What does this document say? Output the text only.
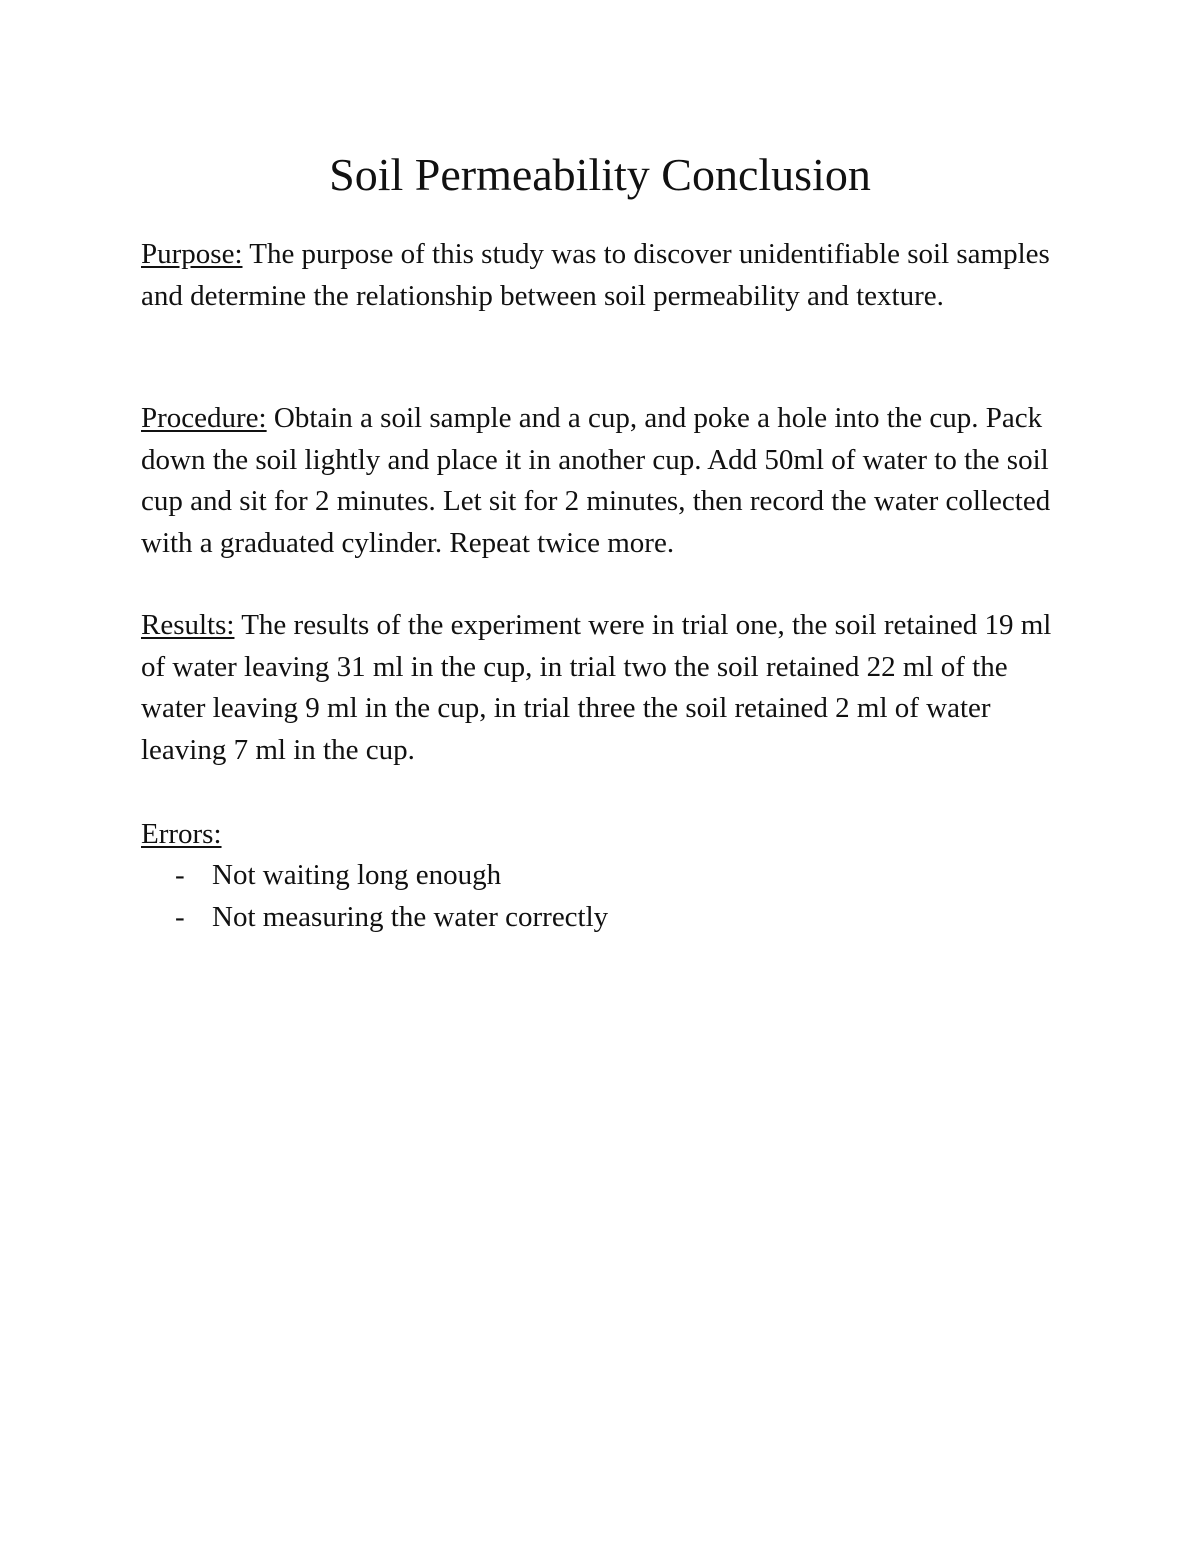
Soil Permeability Conclusion

Purpose: The purpose of this study was to discover unidentifiable soil samples and determine the relationship between soil permeability and texture.

Procedure: Obtain a soil sample and a cup, and poke a hole into the cup. Pack down the soil lightly and place it in another cup. Add 50ml of water to the soil cup and sit for 2 minutes. Let sit for 2 minutes, then record the water collected with a graduated cylinder. Repeat twice more.

Results: The results of the experiment were in trial one, the soil retained 19 ml of water leaving 31 ml in the cup, in trial two the soil retained 22 ml of the water leaving 9 ml in the cup, in trial three the soil retained 2 ml of water leaving 7 ml in the cup.

Errors:

- Not waiting long enough
- Not measuring the water correctly
